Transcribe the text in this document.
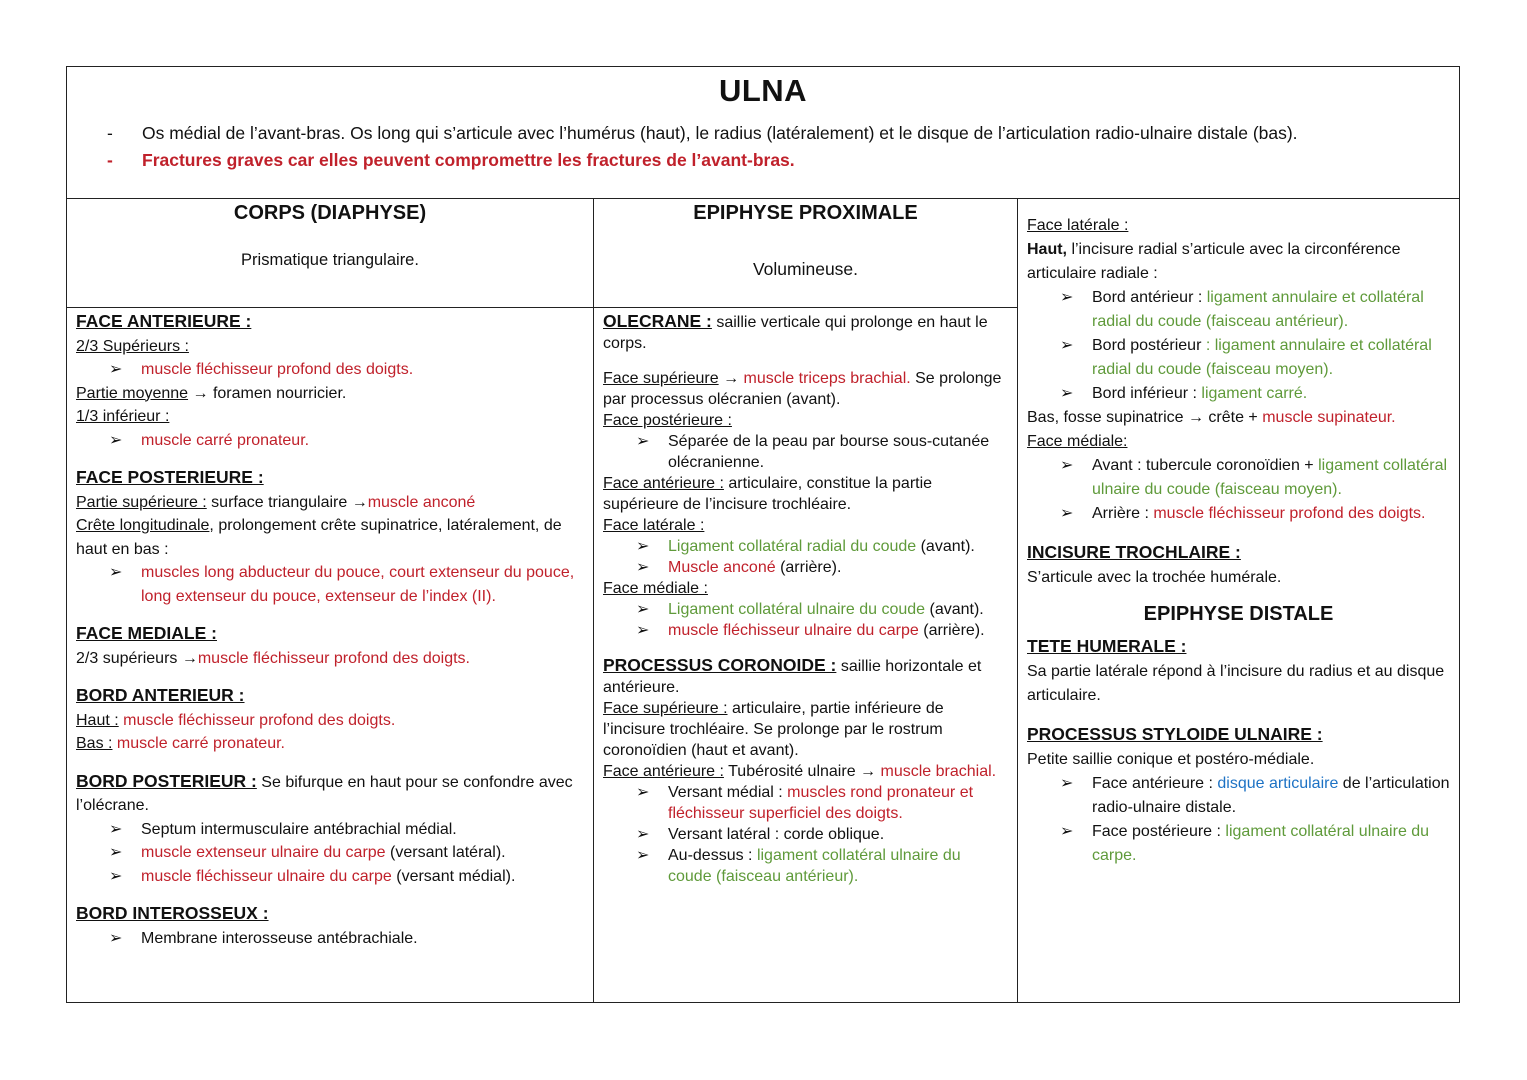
ULNA
- Os médial de l’avant-bras. Os long qui s’articule avec l’humérus (haut), le radius (latéralement) et le disque de l’articulation radio-ulnaire distale (bas).
- Fractures graves car elles peuvent compromettre les fractures de l’avant-bras.
CORPS (DIAPHYSE)

Prismatique triangulaire.

FACE ANTERIEURE :
2/3 Supérieurs :
➢ muscle fléchisseur profond des doigts.
Partie moyenne → foramen nourricier.
1/3 inférieur :
➢ muscle carré pronateur.
FACE POSTERIEURE :
Partie supérieure : surface triangulaire →muscle anconé
Crête longitudinale, prolongement crête supinatrice, latéralement, de haut en bas :
➢ muscles long abducteur du pouce, court extenseur du pouce, long extenseur du pouce, extenseur de l’index (II).
FACE MEDIALE :
2/3 supérieurs →muscle fléchisseur profond des doigts.
BORD ANTERIEUR :
Haut : muscle fléchisseur profond des doigts.
Bas : muscle carré pronateur.
BORD POSTERIEUR : Se bifurque en haut pour se confondre avec l’olécrane.
➢ Septum intermusculaire antébrachial médial.
➢ muscle extenseur ulnaire du carpe (versant latéral).
➢ muscle fléchisseur ulnaire du carpe (versant médial).
BORD INTEROSSEUX :
➢ Membrane interosseuse antébrachiale.
EPIPHYSE PROXIMALE

Volumineuse.

OLECRANE : saillie verticale qui prolonge en haut le corps.
Face supérieure → muscle triceps brachial. Se prolonge par processus olécranien (avant).
Face postérieure :
➢ Séparée de la peau par bourse sous-cutanée olécranienne.
Face antérieure : articulaire, constitue la partie supérieure de l’incisure trochléaire.
Face latérale :
➢ Ligament collatéral radial du coude (avant).
➢ Muscle anconé (arrière).
Face médiale :
➢ Ligament collatéral ulnaire du coude (avant).
➢ muscle fléchisseur ulnaire du carpe (arrière).
PROCESSUS CORONOIDE : saillie horizontale et antérieure.
Face supérieure : articulaire, partie inférieure de l’incisure trochléaire. Se prolonge par le rostrum coronoïdien (haut et avant).
Face antérieure : Tubérosité ulnaire → muscle brachial.
➢ Versant médial : muscles rond pronateur et fléchisseur superficiel des doigts.
➢ Versant latéral : corde oblique.
➢ Au-dessus : ligament collatéral ulnaire du coude (faisceau antérieur).
Face latérale :
Haut, l’incisure radial s’articule avec la circonférence articulaire radiale :
➢ Bord antérieur : ligament annulaire et collatéral radial du coude (faisceau antérieur).
➢ Bord postérieur : ligament annulaire et collatéral radial du coude (faisceau moyen).
➢ Bord inférieur : ligament carré.
Bas, fosse supinatrice → crête + muscle supinateur.
Face médiale:
➢ Avant : tubercule coronoïdien + ligament collatéral ulnaire du coude (faisceau moyen).
➢ Arrière : muscle fléchisseur profond des doigts.
INCISURE TROCHLAIRE :
S’articule avec la trochée humérale.
EPIPHYSE DISTALE
TETE HUMERALE :
Sa partie latérale répond à l’incisure du radius et au disque articulaire.
PROCESSUS STYLOIDE ULNAIRE :
Petite saillie conique et postéro-médiale.
➢ Face antérieure : disque articulaire de l’articulation radio-ulnaire distale.
➢ Face postérieure : ligament collatéral ulnaire du carpe.
